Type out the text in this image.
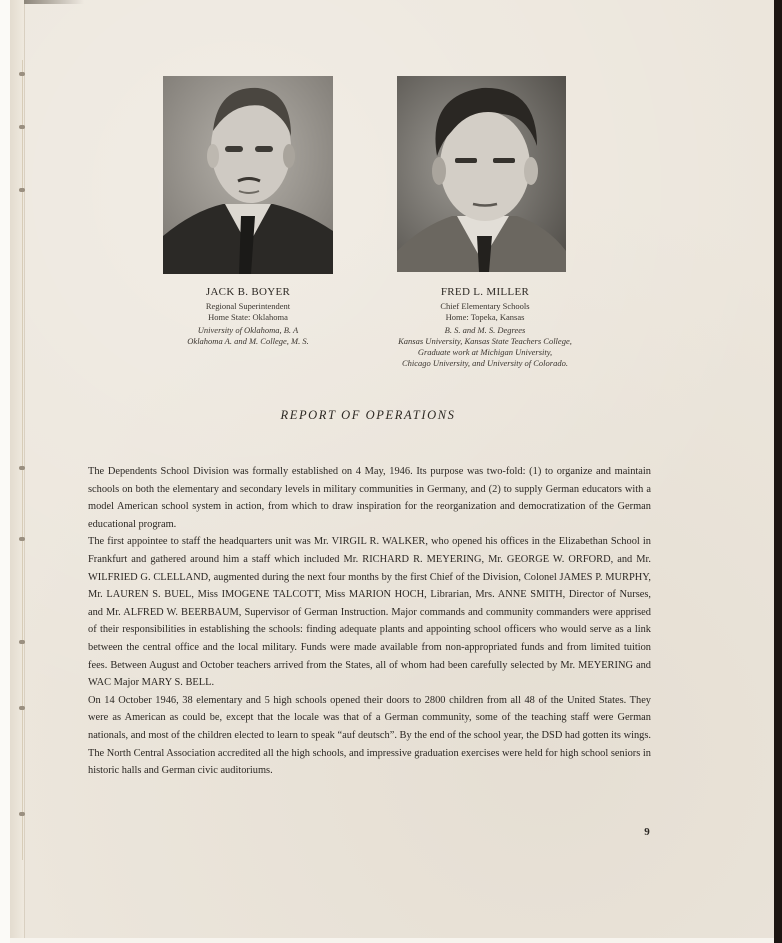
JACK B. BOYER
Regional Superintendent
Home State: Oklahoma
University of Oklahoma, B. A
Oklahoma A. and M. College, M. S.
FRED L. MILLER
Chief Elementary Schools
Home: Topeka, Kansas
B. S. and M. S. Degrees
Kansas University, Kansas State Teachers College,
Graduate work at Michigan University,
Chicago University, and University of Colorado.
REPORT OF OPERATIONS

The Dependents School Division was formally established on 4 May, 1946. Its purpose was two-fold: (1) to organize and maintain schools on both the elementary and secondary levels in military communities in Germany, and (2) to supply German educators with a model American school system in action, from which to draw inspiration for the reorganization and democratization of the German educational program.

The first appointee to staff the headquarters unit was Mr. VIRGIL R. WALKER, who opened his offices in the Elizabethan School in Frankfurt and gathered around him a staff which included Mr. RICHARD R. MEYERING, Mr. GEORGE W. ORFORD, and Mr. WILFRIED G. CLELLAND, augmented during the next four months by the first Chief of the Division, Colonel JAMES P. MURPHY, Mr. LAUREN S. BUEL, Miss IMOGENE TALCOTT, Miss MARION HOCH, Librarian, Mrs. ANNE SMITH, Director of Nurses, and Mr. ALFRED W. BEERBAUM, Supervisor of German Instruction. Major commands and community commanders were apprised of their responsibilities in establishing the schools: finding adequate plants and appointing school officers who would serve as a link between the central office and the local military. Funds were made available from non-appropriated funds and from limited tuition fees. Between August and October teachers arrived from the States, all of whom had been carefully selected by Mr. MEYERING and WAC Major MARY S. BELL.

On 14 October 1946, 38 elementary and 5 high schools opened their doors to 2800 children from all 48 of the United States. They were as American as could be, except that the locale was that of a German community, some of the teaching staff were German nationals, and most of the children elected to learn to speak “auf deutsch”. By the end of the school year, the DSD had gotten its wings. The North Central Association accredited all the high schools, and impressive graduation exercises were held for high school seniors in historic halls and German civic auditoriums.

9
